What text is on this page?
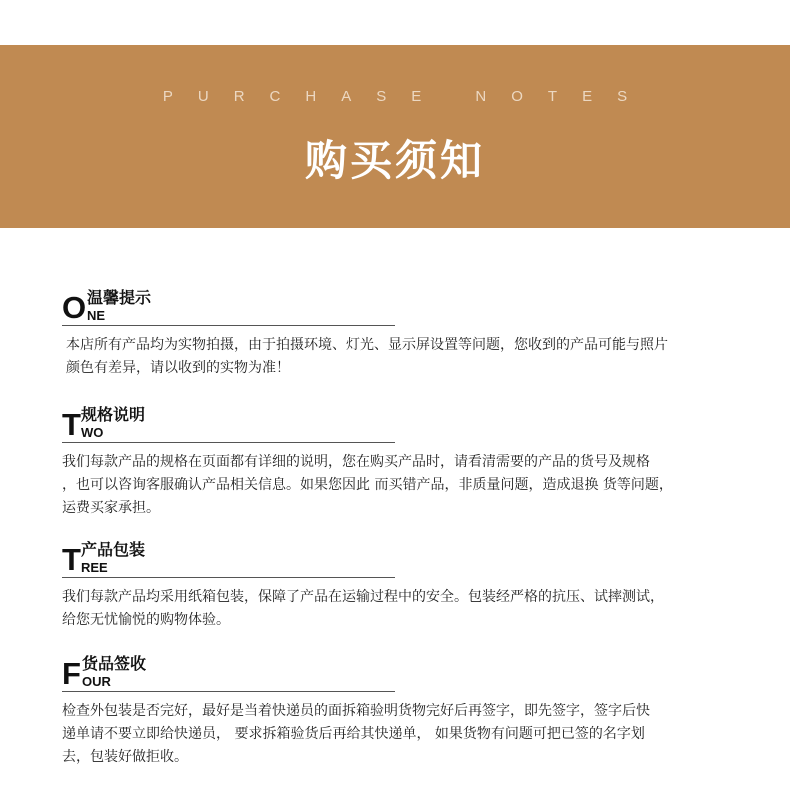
PURCHASE NOTES
购买须知
O 温馨提示
NE
本店所有产品均为实物拍摄，由于拍摄环境、灯光、显示屏设置等问题，您收到的产品可能与照片
颜色有差异，请以收到的实物为准！
T 规格说明
WO
我们每款产品的规格在页面都有详细的说明，您在购买产品时，请看清需要的产品的货号及规格
，也可以咨询客服确认产品相关信息。如果您因此 而买错产品，非质量问题，造成退换 货等问题，
运费买家承担。
T 产品包装
REE
我们每款产品均采用纸箱包装，保障了产品在运输过程中的安全。包装经严格的抗压、试摔测试，
给您无忧愉悦的购物体验。
F 货品签收
OUR
检查外包装是否完好，最好是当着快递员的面拆箱验明货物完好后再签字，即先签字，签字后快
递单请不要立即给快递员， 要求拆箱验货后再给其快递单， 如果货物有问题可把已签的名字划
去，包装好做拒收。
